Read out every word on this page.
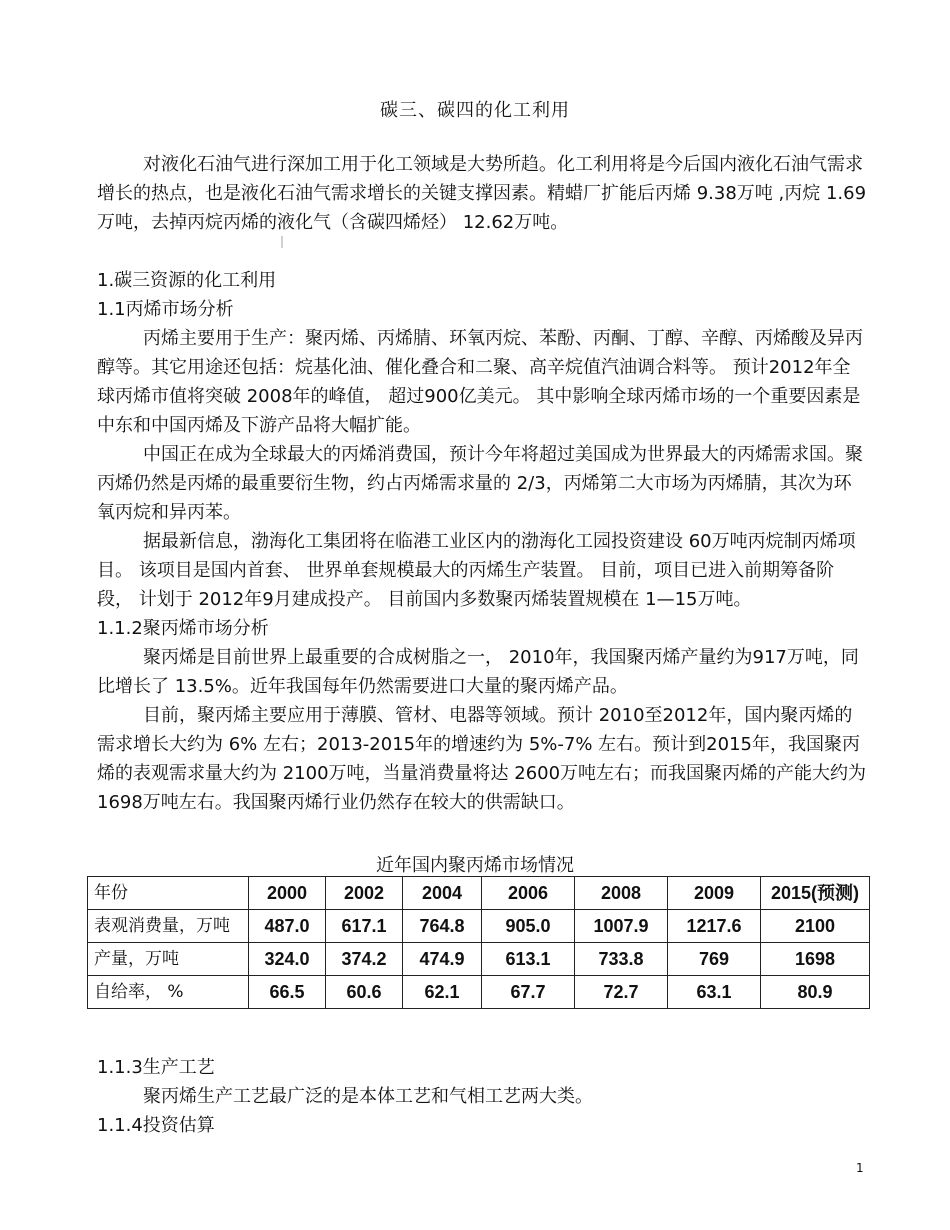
碳三、碳四的化工利用

对液化石油气进行深加工用于化工领域是大势所趋。化工利用将是今后国内液化石油气需求增长的热点，也是液化石油气需求增长的关键支撑因素。精蜡厂扩能后丙烯 9.38万吨 ,丙烷 1.69万吨，去掉丙烷丙烯的液化气（含碳四烯烃） 12.62万吨。

1.碳三资源的化工利用

1.1丙烯市场分析

丙烯主要用于生产：聚丙烯、丙烯腈、环氧丙烷、苯酚、丙酮、丁醇、辛醇、丙烯酸及异丙醇等。其它用途还包括：烷基化油、催化叠合和二聚、高辛烷值汽油调合料等。 预计2012年全球丙烯市值将突破 2008年的峰值， 超过900亿美元。 其中影响全球丙烯市场的一个重要因素是中东和中国丙烯及下游产品将大幅扩能。

中国正在成为全球最大的丙烯消费国，预计今年将超过美国成为世界最大的丙烯需求国。聚丙烯仍然是丙烯的最重要衍生物，约占丙烯需求量的 2/3，丙烯第二大市场为丙烯腈，其次为环氧丙烷和异丙苯。

据最新信息，渤海化工集团将在临港工业区内的渤海化工园投资建设 60万吨丙烷制丙烯项目。 该项目是国内首套、 世界单套规模最大的丙烯生产装置。 目前，项目已进入前期筹备阶段， 计划于 2012年9月建成投产。 目前国内多数聚丙烯装置规模在 1—15万吨。

1.1.2聚丙烯市场分析

聚丙烯是目前世界上最重要的合成树脂之一， 2010年，我国聚丙烯产量约为917万吨，同比增长了 13.5%。近年我国每年仍然需要进口大量的聚丙烯产品。

目前，聚丙烯主要应用于薄膜、管材、电器等领域。预计 2010至2012年，国内聚丙烯的需求增长大约为 6% 左右；2013-2015年的增速约为 5%-7% 左右。预计到2015年，我国聚丙烯的表观需求量大约为 2100万吨，当量消费量将达 2600万吨左右；而我国聚丙烯的产能大约为 1698万吨左右。我国聚丙烯行业仍然存在较大的供需缺口。

近年国内聚丙烯市场情况
年份	2000	2002	2004	2006	2008	2009	2015(预测)
表观消费量，万吨	487.0	617.1	764.8	905.0	1007.9	1217.6	2100
产量，万吨	324.0	374.2	474.9	613.1	733.8	769	1698
自给率， %	66.5	60.6	62.1	67.7	72.7	63.1	80.9

1.1.3生产工艺

聚丙烯生产工艺最广泛的是本体工艺和气相工艺两大类。

1.1.4投资估算

1
